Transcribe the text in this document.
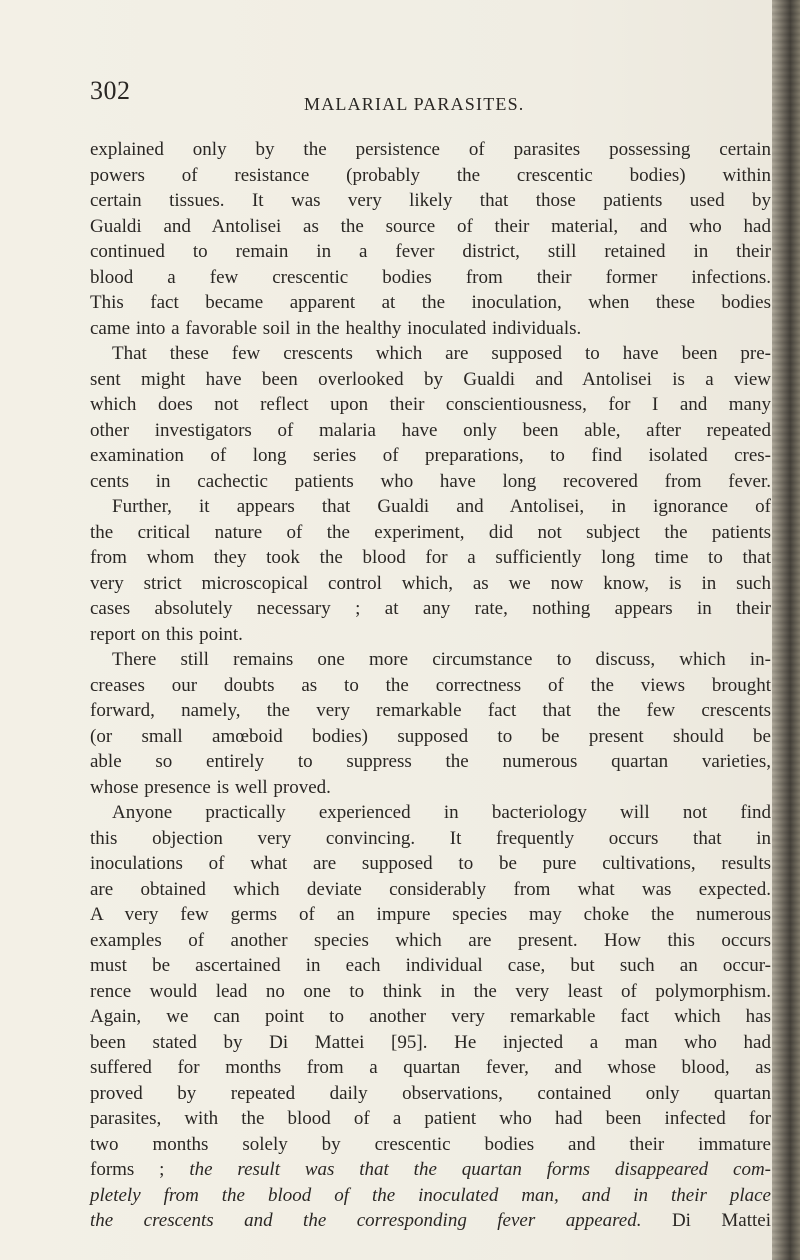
302	MALARIAL PARASITES.
explained only by the persistence of parasites possessing certain
powers of resistance (probably the crescentic bodies) within
certain tissues. It was very likely that those patients used by
Gualdi and Antolisei as the source of their material, and who had
continued to remain in a fever district, still retained in their
blood a few crescentic bodies from their former infections.
This fact became apparent at the inoculation, when these bodies
came into a favorable soil in the healthy inoculated individuals.
That these few crescents which are supposed to have been pre-
sent might have been overlooked by Gualdi and Antolisei is a view
which does not reflect upon their conscientiousness, for I and many
other investigators of malaria have only been able, after repeated
examination of long series of preparations, to find isolated cres-
cents in cachectic patients who have long recovered from fever.
Further, it appears that Gualdi and Antolisei, in ignorance of
the critical nature of the experiment, did not subject the patients
from whom they took the blood for a sufficiently long time to that
very strict microscopical control which, as we now know, is in such
cases absolutely necessary ; at any rate, nothing appears in their
report on this point.
There still remains one more circumstance to discuss, which in-
creases our doubts as to the correctness of the views brought
forward, namely, the very remarkable fact that the few crescents
(or small amœboid bodies) supposed to be present should be
able so entirely to suppress the numerous quartan varieties,
whose presence is well proved.
Anyone practically experienced in bacteriology will not find
this objection very convincing. It frequently occurs that in
inoculations of what are supposed to be pure cultivations, results
are obtained which deviate considerably from what was expected.
A very few germs of an impure species may choke the numerous
examples of another species which are present. How this occurs
must be ascertained in each individual case, but such an occur-
rence would lead no one to think in the very least of polymorphism.
Again, we can point to another very remarkable fact which has
been stated by Di Mattei [95]. He injected a man who had
suffered for months from a quartan fever, and whose blood, as
proved by repeated daily observations, contained only quartan
parasites, with the blood of a patient who had been infected for
two months solely by crescentic bodies and their immature
forms ; the result was that the quartan forms disappeared com-
pletely from the blood of the inoculated man, and in their place
the crescents and the corresponding fever appeared. Di Mattei
